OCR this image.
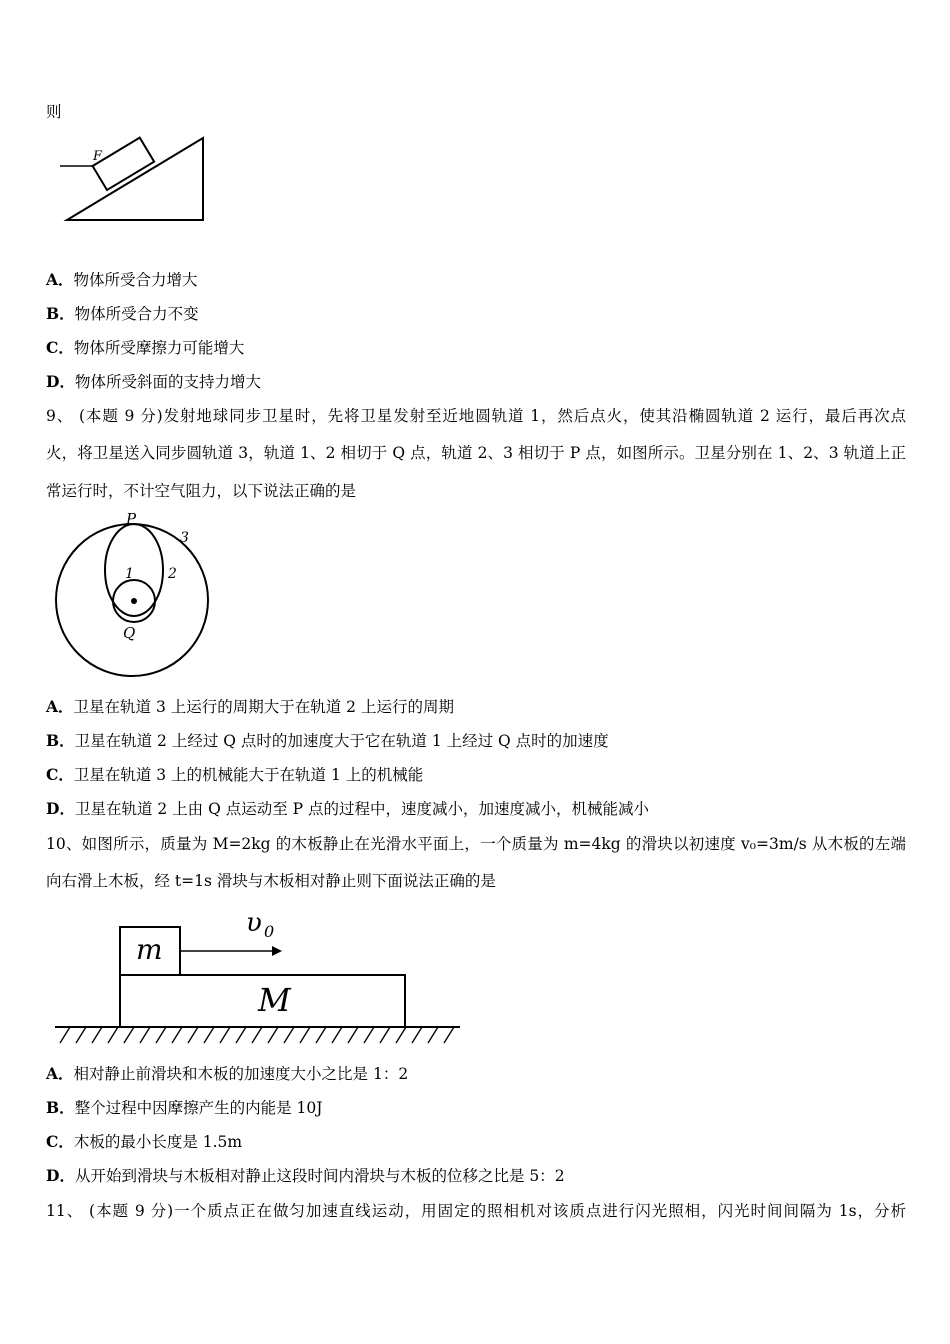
则
F
A．物体所受合力增大
B．物体所受合力不变
C．物体所受摩擦力可能增大
D．物体所受斜面的支持力增大
9、 (本题 9 分)发射地球同步卫星时，先将卫星发射至近地圆轨道 1，然后点火，使其沿椭圆轨道 2 运行，最后再次点
火，将卫星送入同步圆轨道 3，轨道 1、2 相切于 Q 点，轨道 2、3 相切于 P 点，如图所示。卫星分别在 1、2、3 轨道上正
常运行时，不计空气阻力，以下说法正确的是
P
Q
1 2
3
A．卫星在轨道 3 上运行的周期大于在轨道 2 上运行的周期
B．卫星在轨道 2 上经过 Q 点时的加速度大于它在轨道 1 上经过 Q 点时的加速度
C．卫星在轨道 3 上的机械能大于在轨道 1 上的机械能
D．卫星在轨道 2 上由 Q 点运动至 P 点的过程中，速度减小，加速度减小，机械能减小
10、如图所示，质量为 M=2kg 的木板静止在光滑水平面上，一个质量为 m=4kg 的滑块以初速度 v₀=3m/s 从木板的左端
向右滑上木板，经 t=1s 滑块与木板相对静止则下面说法正确的是
m
M
υ 0
A．相对静止前滑块和木板的加速度大小之比是 1：2
B．整个过程中因摩擦产生的内能是 10J
C．木板的最小长度是 1.5m
D．从开始到滑块与木板相对静止这段时间内滑块与木板的位移之比是 5：2
11、 (本题 9 分)一个质点正在做匀加速直线运动，用固定的照相机对该质点进行闪光照相，闪光时间间隔为 1s，分析
